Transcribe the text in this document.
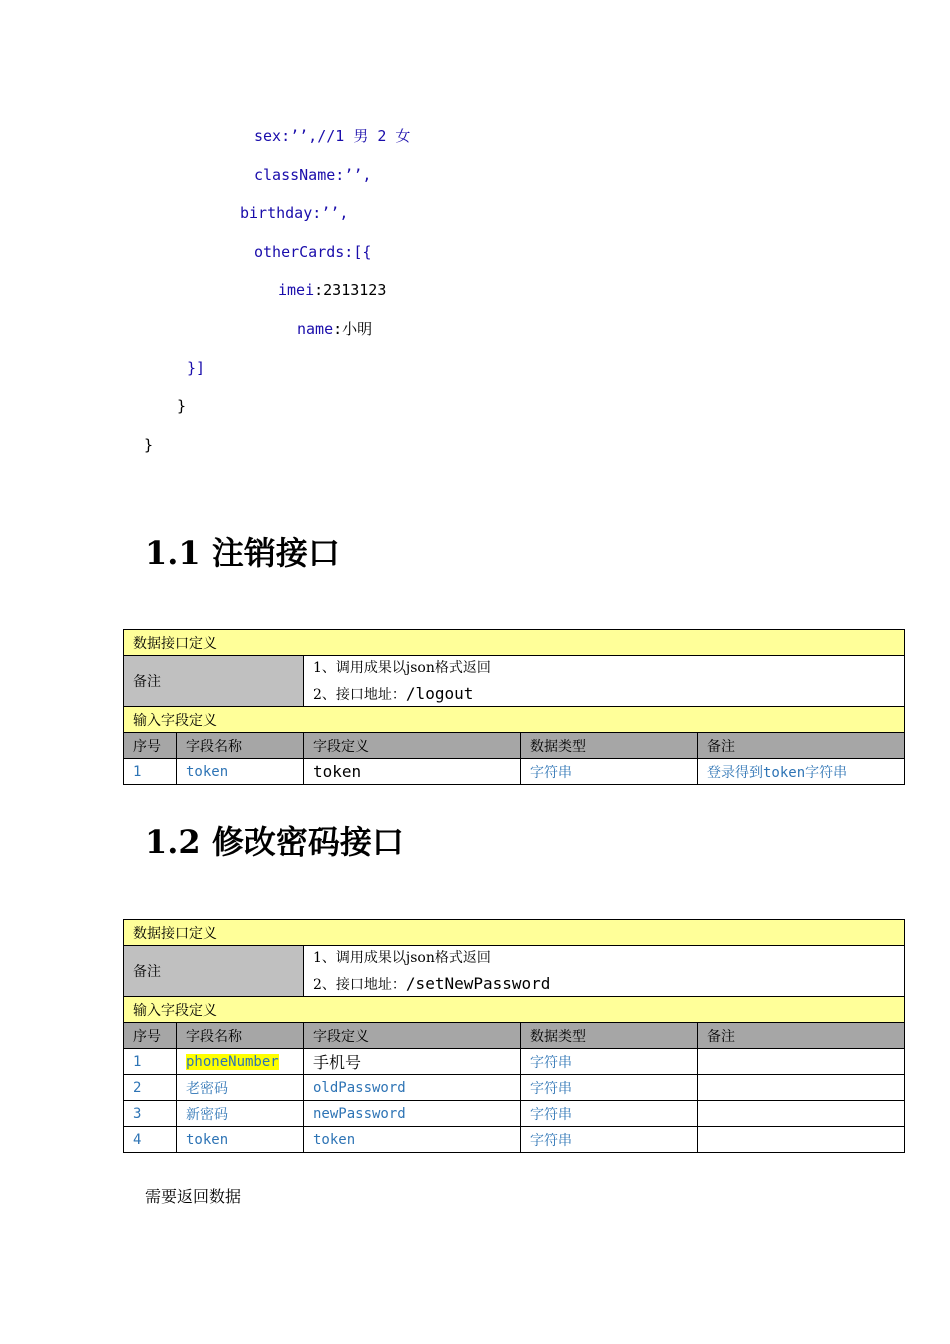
sex:’’,//1 男 2 女
className:’’,
birthday:’’,
otherCards:[{
imei:2313123
name:小明
}]
}
}
1.1 注销接口
数据接口定义				
备注		1、调用成果以json格式返回
2、接口地址：/logout		

输入字段定义				
序号	字段名称	字段定义	数据类型	备注
1	token	token	字符串	登录得到token字符串
1.2 修改密码接口
数据接口定义				
备注		1、调用成果以json格式返回
2、接口地址：/setNewPassword		

输入字段定义				
序号	字段名称	字段定义	数据类型	备注
1	phoneNumber	手机号	字符串	
2	老密码	oldPassword	字符串	
3	新密码	newPassword	字符串	
4	token	token	字符串	
需要返回数据
